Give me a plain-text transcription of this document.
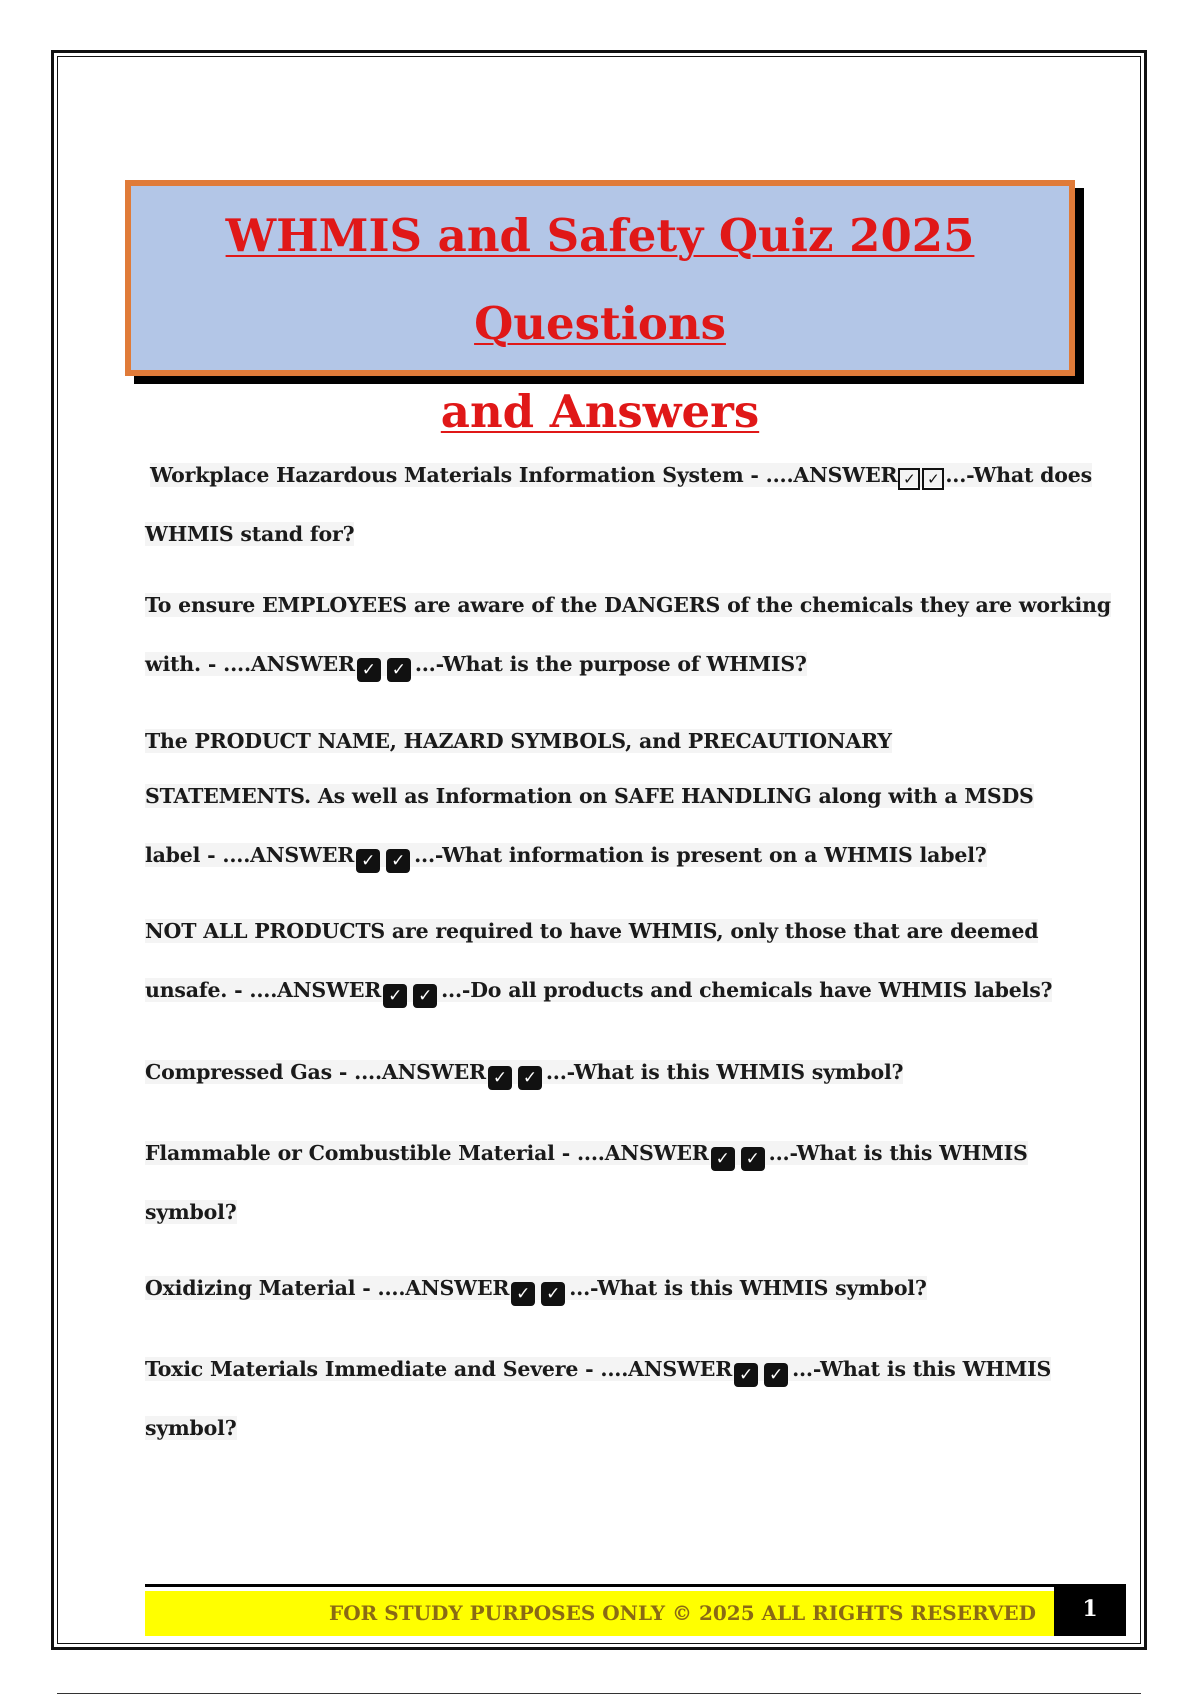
WHMIS and Safety Quiz 2025 Questions
and Answers
Workplace Hazardous Materials Information System - ....ANSWER ✓ ✓ ...-What does
WHMIS stand for?
To ensure EMPLOYEES are aware of the DANGERS of the chemicals they are working
with. - ....ANSWER ✓ ✓ ...-What is the purpose of WHMIS?
The PRODUCT NAME, HAZARD SYMBOLS, and PRECAUTIONARY
STATEMENTS. As well as Information on SAFE HANDLING along with a MSDS
label - ....ANSWER ✓ ✓ ...-What information is present on a WHMIS label?
NOT ALL PRODUCTS are required to have WHMIS, only those that are deemed
unsafe. - ....ANSWER ✓ ✓ ...-Do all products and chemicals have WHMIS labels?
Compressed Gas - ....ANSWER ✓ ✓ ...-What is this WHMIS symbol?
Flammable or Combustible Material - ....ANSWER ✓ ✓ ...-What is this WHMIS
symbol?
Oxidizing Material - ....ANSWER ✓ ✓ ...-What is this WHMIS symbol?
Toxic Materials Immediate and Severe - ....ANSWER ✓ ✓ ...-What is this WHMIS
symbol?
FOR STUDY PURPOSES ONLY © 2025 ALL RIGHTS RESERVED	1
